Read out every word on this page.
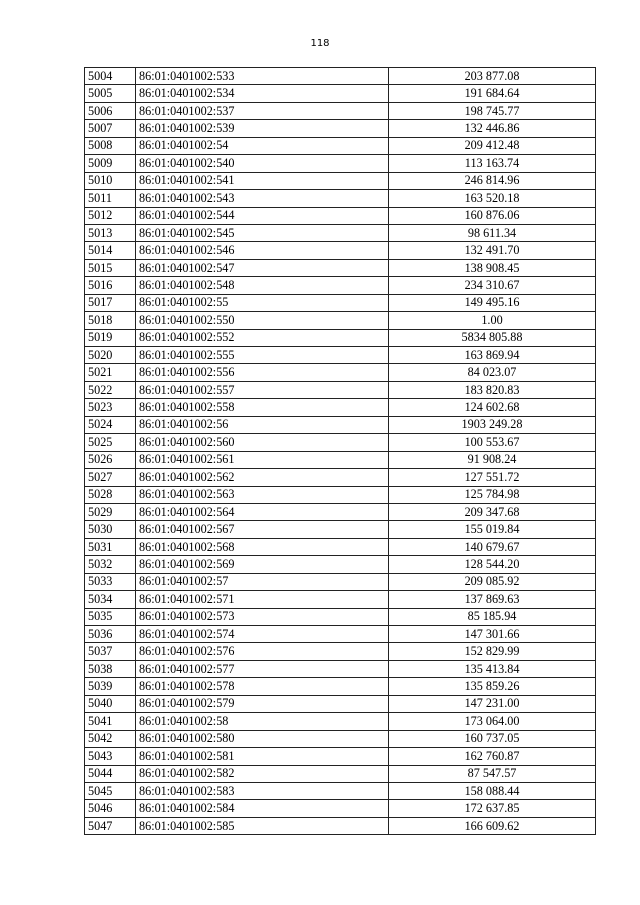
118
5004	86:01:0401002:533	203 877.08
5005	86:01:0401002:534	191 684.64
5006	86:01:0401002:537	198 745.77
5007	86:01:0401002:539	132 446.86
5008	86:01:0401002:54	209 412.48
5009	86:01:0401002:540	113 163.74
5010	86:01:0401002:541	246 814.96
5011	86:01:0401002:543	163 520.18
5012	86:01:0401002:544	160 876.06
5013	86:01:0401002:545	98 611.34
5014	86:01:0401002:546	132 491.70
5015	86:01:0401002:547	138 908.45
5016	86:01:0401002:548	234 310.67
5017	86:01:0401002:55	149 495.16
5018	86:01:0401002:550	1.00
5019	86:01:0401002:552	5834 805.88
5020	86:01:0401002:555	163 869.94
5021	86:01:0401002:556	84 023.07
5022	86:01:0401002:557	183 820.83
5023	86:01:0401002:558	124 602.68
5024	86:01:0401002:56	1903 249.28
5025	86:01:0401002:560	100 553.67
5026	86:01:0401002:561	91 908.24
5027	86:01:0401002:562	127 551.72
5028	86:01:0401002:563	125 784.98
5029	86:01:0401002:564	209 347.68
5030	86:01:0401002:567	155 019.84
5031	86:01:0401002:568	140 679.67
5032	86:01:0401002:569	128 544.20
5033	86:01:0401002:57	209 085.92
5034	86:01:0401002:571	137 869.63
5035	86:01:0401002:573	85 185.94
5036	86:01:0401002:574	147 301.66
5037	86:01:0401002:576	152 829.99
5038	86:01:0401002:577	135 413.84
5039	86:01:0401002:578	135 859.26
5040	86:01:0401002:579	147 231.00
5041	86:01:0401002:58	173 064.00
5042	86:01:0401002:580	160 737.05
5043	86:01:0401002:581	162 760.87
5044	86:01:0401002:582	87 547.57
5045	86:01:0401002:583	158 088.44
5046	86:01:0401002:584	172 637.85
5047	86:01:0401002:585	166 609.62
